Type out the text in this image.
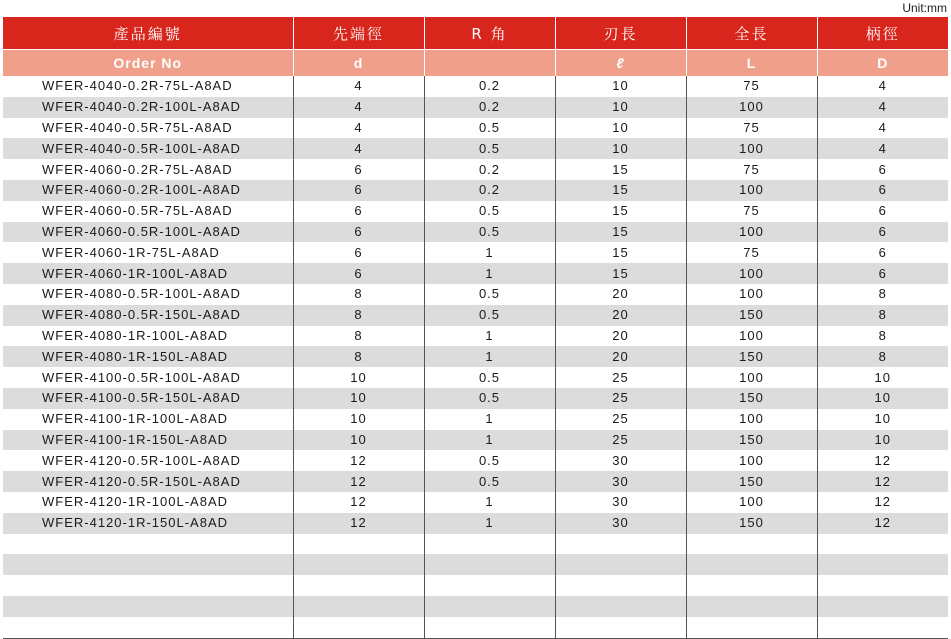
Unit:mm
產品編號	先端徑	R 角	刃長	全長	柄徑
Order No	d		ℓ	L	D
WFER-4040-0.2R-75L-A8AD	4	0.2	10	75	4
WFER-4040-0.2R-100L-A8AD	4	0.2	10	100	4
WFER-4040-0.5R-75L-A8AD	4	0.5	10	75	4
WFER-4040-0.5R-100L-A8AD	4	0.5	10	100	4
WFER-4060-0.2R-75L-A8AD	6	0.2	15	75	6
WFER-4060-0.2R-100L-A8AD	6	0.2	15	100	6
WFER-4060-0.5R-75L-A8AD	6	0.5	15	75	6
WFER-4060-0.5R-100L-A8AD	6	0.5	15	100	6
WFER-4060-1R-75L-A8AD	6	1	15	75	6
WFER-4060-1R-100L-A8AD	6	1	15	100	6
WFER-4080-0.5R-100L-A8AD	8	0.5	20	100	8
WFER-4080-0.5R-150L-A8AD	8	0.5	20	150	8
WFER-4080-1R-100L-A8AD	8	1	20	100	8
WFER-4080-1R-150L-A8AD	8	1	20	150	8
WFER-4100-0.5R-100L-A8AD	10	0.5	25	100	10
WFER-4100-0.5R-150L-A8AD	10	0.5	25	150	10
WFER-4100-1R-100L-A8AD	10	1	25	100	10
WFER-4100-1R-150L-A8AD	10	1	25	150	10
WFER-4120-0.5R-100L-A8AD	12	0.5	30	100	12
WFER-4120-0.5R-150L-A8AD	12	0.5	30	150	12
WFER-4120-1R-100L-A8AD	12	1	30	100	12
WFER-4120-1R-150L-A8AD	12	1	30	150	12
